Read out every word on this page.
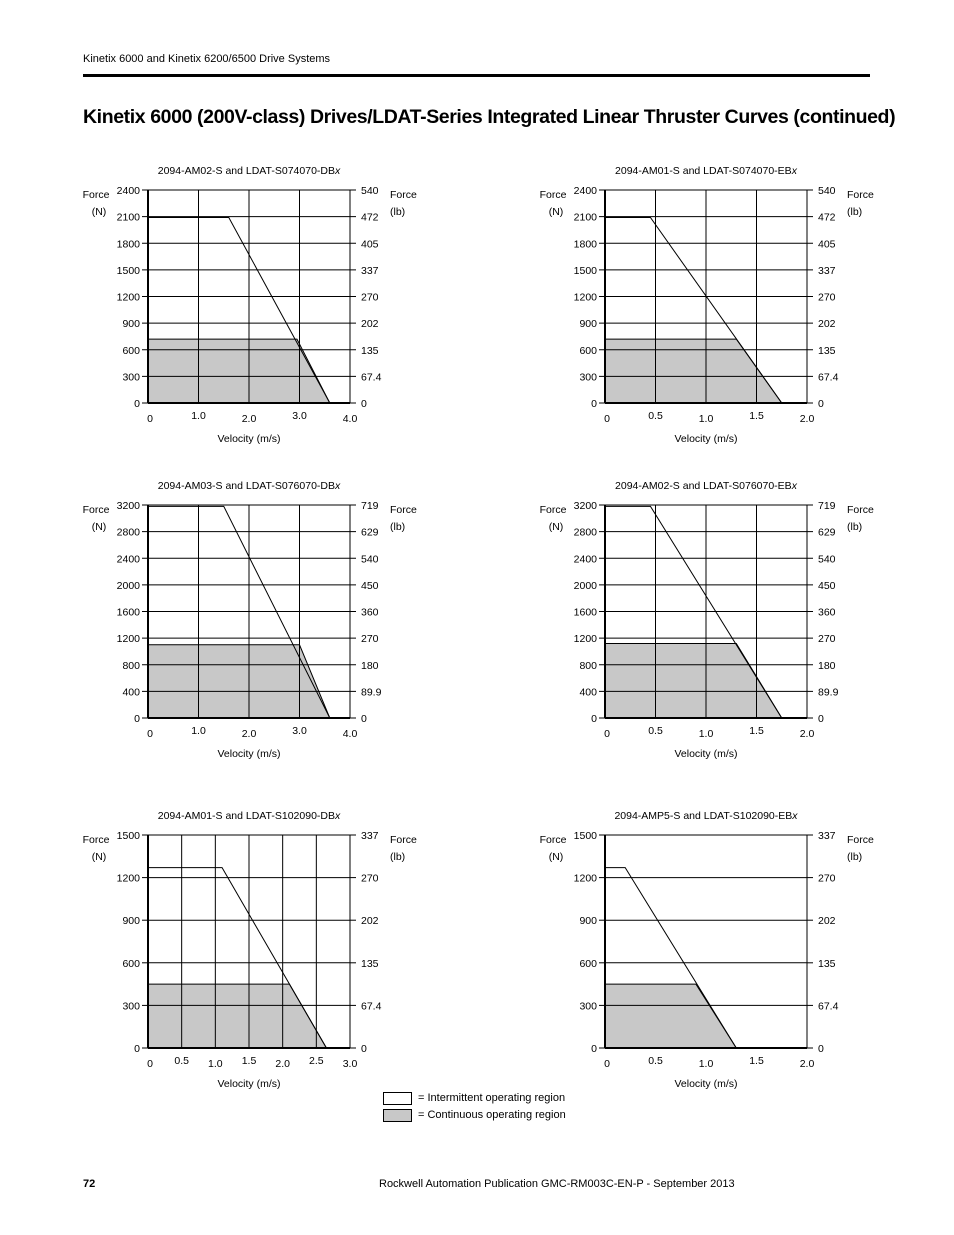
Kinetix 6000 and Kinetix 6200/6500 Drive Systems
Kinetix 6000 (200V-class) Drives/LDAT-Series Integrated Linear Thruster Curves (continued)
2094-AM02-S and LDAT-S074070-DBx
0	0
300	67.4
600	135
900	202
1200	270
1500	337
1800	405
2100	472
2400	540
0	1.0	2.0	3.0	4.0
Force
(N)
Force
(lb)
Velocity (m/s)
2094-AM01-S and LDAT-S074070-EBx
0	0
300	67.4
600	135
900	202
1200	270
1500	337
1800	405
2100	472
2400	540
0	0.5	1.0	1.5	2.0
Force
(N)
Force
(lb)
Velocity (m/s)
2094-AM03-S and LDAT-S076070-DBx
0	0
400	89.9
800	180
1200	270
1600	360
2000	450
2400	540
2800	629
3200	719
0	1.0	2.0	3.0	4.0
Force
(N)
Force
(lb)
Velocity (m/s)
2094-AM02-S and LDAT-S076070-EBx
0	0
400	89.9
800	180
1200	270
1600	360
2000	450
2400	540
2800	629
3200	719
0	0.5	1.0	1.5	2.0
Force
(N)
Force
(lb)
Velocity (m/s)
2094-AM01-S and LDAT-S102090-DBx
0	0
300	67.4
600	135
900	202
1200	270
1500	337
0 0.5 1.0 1.5 2.0 2.5 3.0
Force
(N)
Force
(lb)
Velocity (m/s)
2094-AMP5-S and LDAT-S102090-EBx
0	0
300	67.4
600	135
900	202
1200	270
1500	337
0	0.5	1.0	1.5	2.0
Force
(N)
Force
(lb)
Velocity (m/s)
= Intermittent operating region
= Continuous operating region
72	Rockwell Automation Publication GMC-RM003C-EN-P - September 2013
